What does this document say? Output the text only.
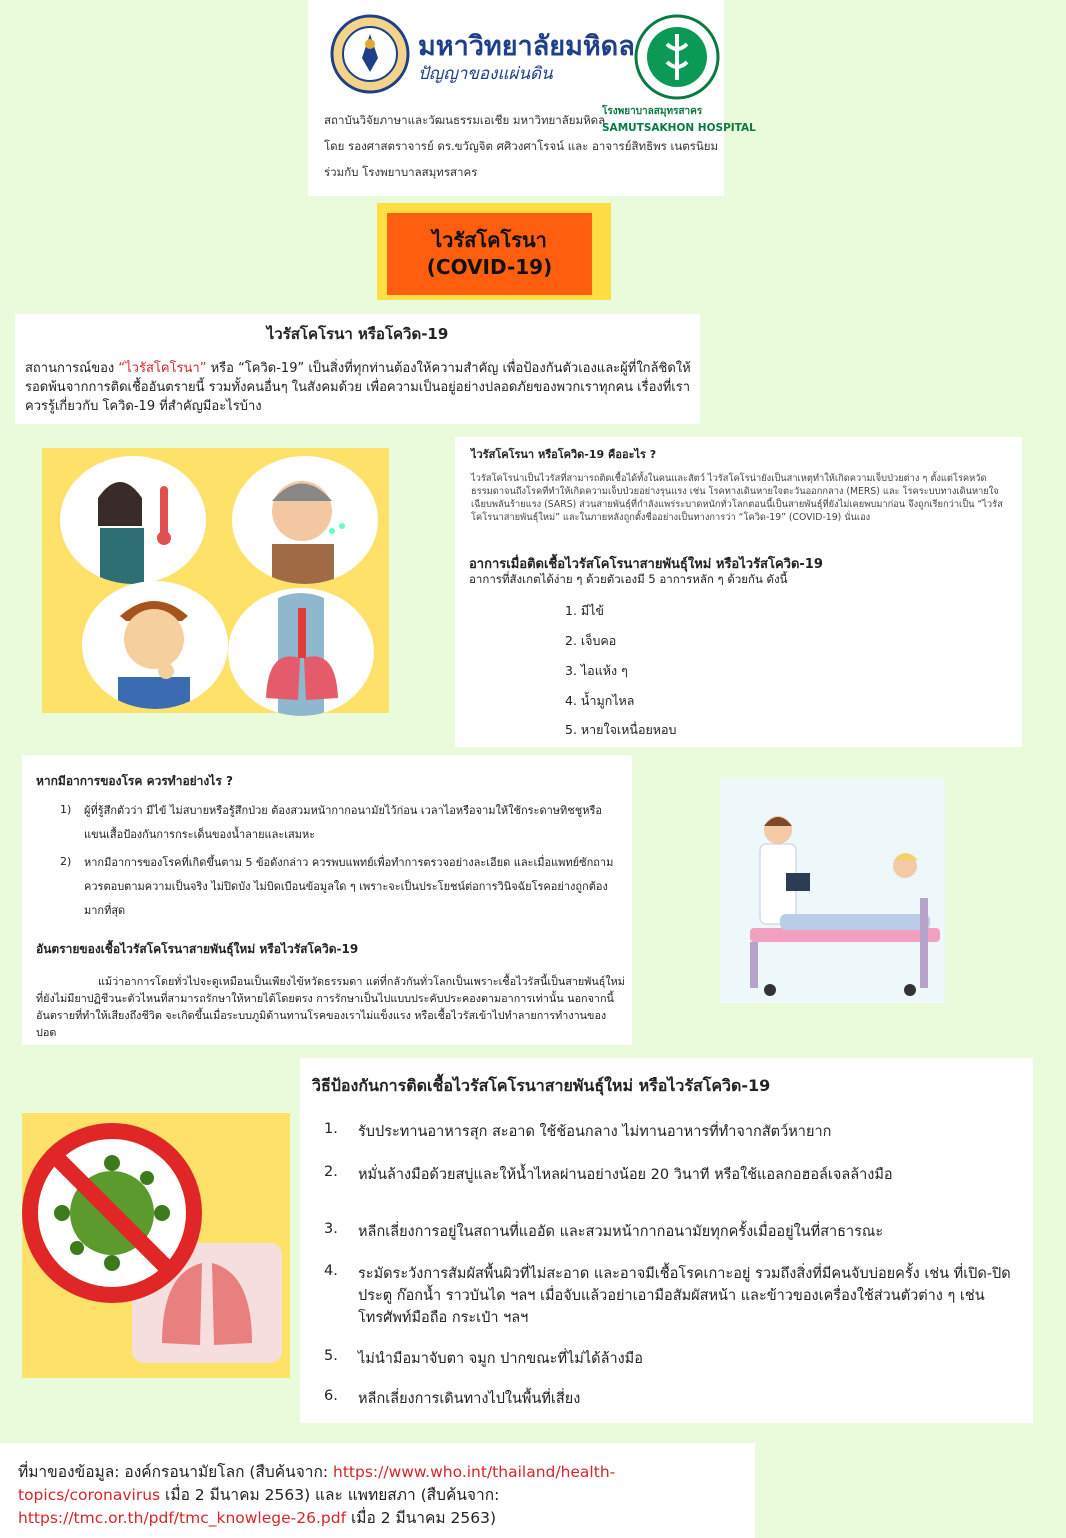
มหาวิทยาลัยมหิดล
ปัญญาของแผ่นดิน
โรงพยาบาลสมุทรสาคร
SAMUTSAKHON HOSPITAL
สถาบันวิจัยภาษาและวัฒนธรรมเอเชีย มหาวิทยาลัยมหิดล
โดย รองศาสตราจารย์ ดร.ขวัญจิต ศศิวงศาโรจน์ และ อาจารย์สิทธิพร เนตรนิยม
ร่วมกับ โรงพยาบาลสมุทรสาคร
ไวรัสโคโรนา
(COVID-19)
ไวรัสโคโรนา หรือโควิด-19
สถานการณ์ของ “ไวรัสโคโรนา” หรือ “โควิด-19” เป็นสิ่งที่ทุกท่านต้องให้ความสำคัญ เพื่อป้องกันตัวเองและผู้ที่ใกล้ชิดให้รอดพ้นจากการติดเชื้ออันตรายนี้ รวมทั้งคนอื่นๆ ในสังคมด้วย เพื่อความเป็นอยู่อย่างปลอดภัยของพวกเราทุกคน เรื่องที่เราควรรู้เกี่ยวกับ โควิด-19 ที่สำคัญมีอะไรบ้าง
ไวรัสโคโรนา หรือโควิด-19 คืออะไร ?
ไวรัสโคโรน่าเป็นไวรัสที่สามารถติดเชื้อได้ทั้งในคนและสัตว์ ไวรัสโคโรน่ายังเป็นสาเหตุทำให้เกิดความเจ็บป่วยต่าง ๆ ตั้งแต่โรคหวัดธรรมดาจนถึงโรคที่ทำให้เกิดความเจ็บป่วยอย่างรุนแรง เช่น โรคทางเดินหายใจตะวันออกกลาง (MERS) และ โรคระบบทางเดินหายใจเฉียบพลันร้ายแรง (SARS) ส่วนสายพันธุ์ที่กำลังแพร่ระบาดหนักทั่วโลกตอนนี้เป็นสายพันธุ์ที่ยังไม่เคยพบมาก่อน จึงถูกเรียกว่าเป็น “ไวรัสโคโรนาสายพันธุ์ใหม่” และในภายหลังถูกตั้งชื่ออย่างเป็นทางการว่า “โควิด-19” (COVID-19) นั่นเอง
อาการเมื่อติดเชื้อไวรัสโคโรนาสายพันธุ์ใหม่ หรือไวรัสโควิด-19
อาการที่สังเกตได้ง่าย ๆ ด้วยตัวเองมี 5 อาการหลัก ๆ ด้วยกัน ดังนี้
1. มีไข้
2. เจ็บคอ
3. ไอแห้ง ๆ
4. น้ำมูกไหล
5. หายใจเหนื่อยหอบ
หากมีอาการของโรค ควรทำอย่างไร ?
1) ผู้ที่รู้สึกตัวว่า มีไข้ ไม่สบายหรือรู้สึกป่วย ต้องสวมหน้ากากอนามัยไว้ก่อน เวลาไอหรือจามให้ใช้กระดาษทิชชูหรือแขนเสื้อป้องกันการกระเด็นของน้ำลายและเสมหะ
2) หากมีอาการของโรคที่เกิดขึ้นตาม 5 ข้อดังกล่าว ควรพบแพทย์เพื่อทำการตรวจอย่างละเอียด และเมื่อแพทย์ซักถามควรตอบตามความเป็นจริง ไม่ปิดบัง ไม่บิดเบือนข้อมูลใด ๆ เพราะจะเป็นประโยชน์ต่อการวินิจฉัยโรคอย่างถูกต้องมากที่สุด
อันตรายของเชื้อไวรัสโคโรนาสายพันธุ์ใหม่ หรือไวรัสโควิด-19
แม้ว่าอาการโดยทั่วไปจะดูเหมือนเป็นเพียงไข้หวัดธรรมดา แต่ที่กลัวกันทั่วโลกเป็นเพราะเชื้อไวรัสนี้เป็นสายพันธุ์ใหม่ที่ยังไม่มียาปฏิชีวนะตัวไหนที่สามารถรักษาให้หายได้โดยตรง การรักษาเป็นไปแบบประคับประคองตามอาการเท่านั้น นอกจากนี้ อันตรายที่ทำให้เสียงถึงชีวิต จะเกิดขึ้นเมื่อระบบภูมิต้านทานโรคของเราไม่แข็งแรง หรือเชื้อไวรัสเข้าไปทำลายการทำงานของปอด
วิธีป้องกันการติดเชื้อไวรัสโคโรนาสายพันธุ์ใหม่ หรือไวรัสโควิด-19
1. รับประทานอาหารสุก สะอาด ใช้ช้อนกลาง ไม่ทานอาหารที่ทำจากสัตว์หายาก
2. หมั่นล้างมือด้วยสบู่และให้น้ำไหลผ่านอย่างน้อย 20 วินาที หรือใช้แอลกอฮอล์เจลล้างมือ
3. หลีกเลี่ยงการอยู่ในสถานที่แออัด และสวมหน้ากากอนามัยทุกครั้งเมื่ออยู่ในที่สาธารณะ
4. ระมัดระวังการสัมผัสพื้นผิวที่ไม่สะอาด และอาจมีเชื้อโรคเกาะอยู่ รวมถึงสิ่งที่มีคนจับบ่อยครั้ง เช่น ที่เปิด-ปิดประตู ก๊อกน้ำ ราวบันได ฯลฯ เมื่อจับแล้วอย่าเอามือสัมผัสหน้า และข้าวของเครื่องใช้ส่วนตัวต่าง ๆ เช่น โทรศัพท์มือถือ กระเป๋า ฯลฯ
5. ไม่นำมือมาจับตา จมูก ปากขณะที่ไม่ได้ล้างมือ
6. หลีกเลี่ยงการเดินทางไปในพื้นที่เสี่ยง
ที่มาของข้อมูล: องค์กรอนามัยโลก (สืบค้นจาก: https://www.who.int/thailand/health-topics/coronavirus เมื่อ 2 มีนาคม 2563) และ แพทยสภา (สืบค้นจาก: https://tmc.or.th/pdf/tmc_knowlege-26.pdf เมื่อ 2 มีนาคม 2563)
